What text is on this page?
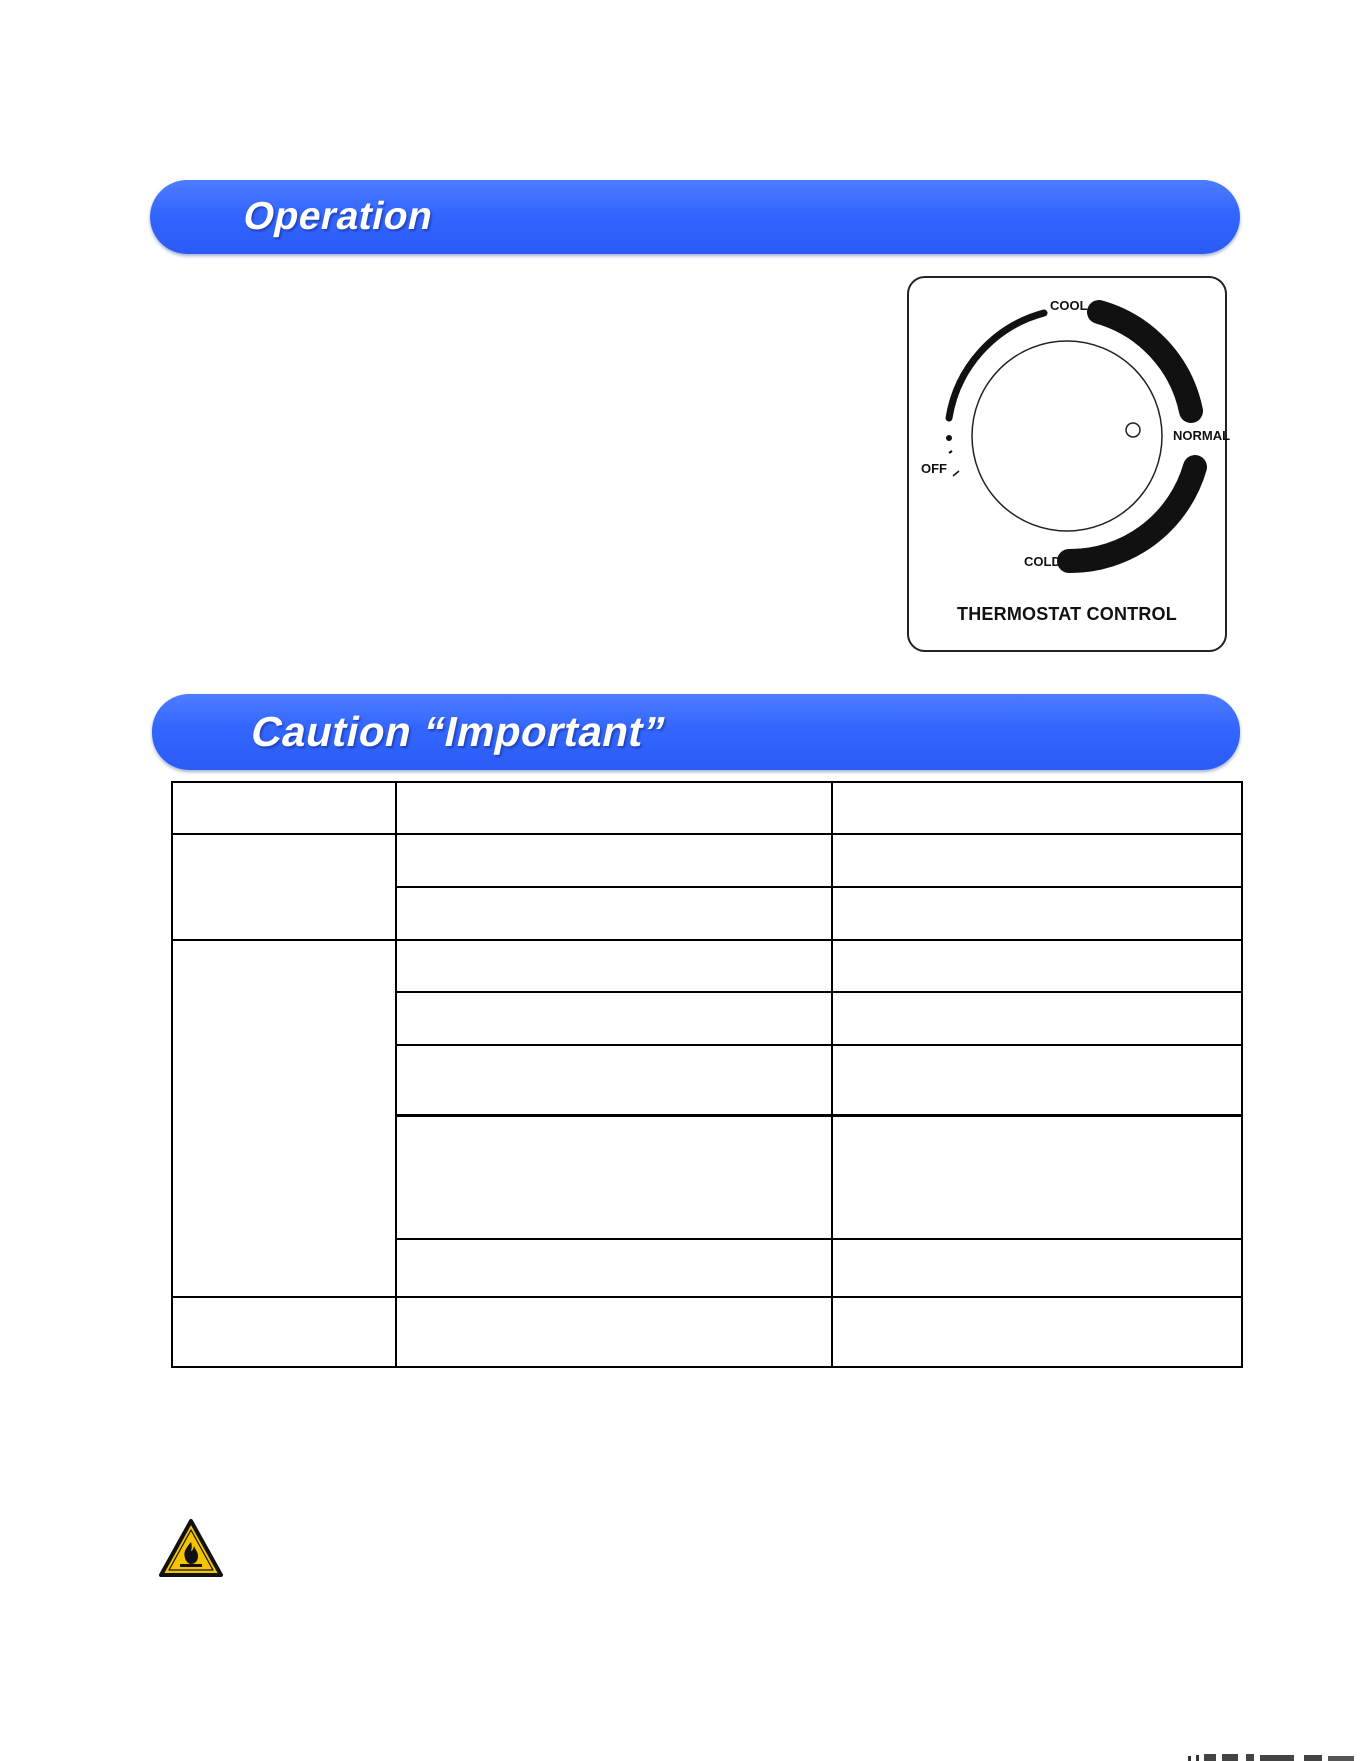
Operation
COOL
NORMAL
COLD
OFF
THERMOSTAT CONTROL
Caution “Important”
